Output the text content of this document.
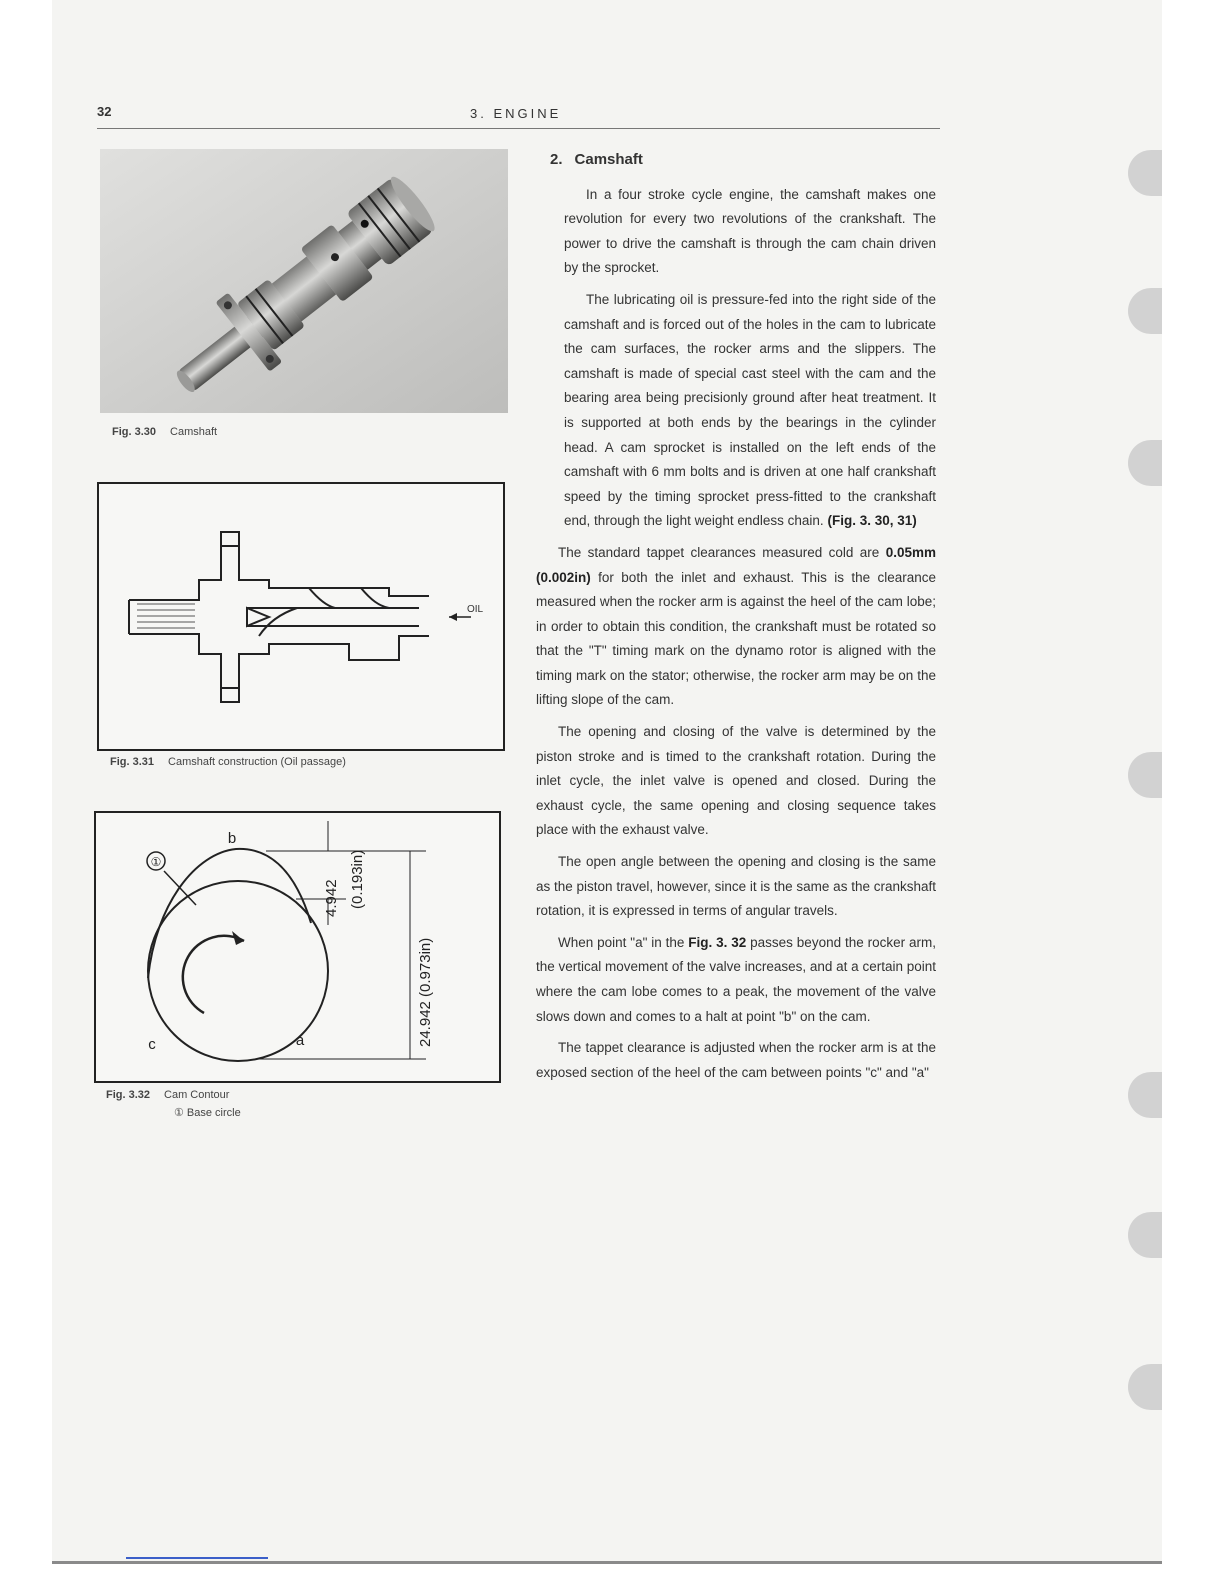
32	3. ENGINE
Fig. 3.30 Camshaft
OIL
Fig. 3.31 Camshaft construction (Oil passage)
①
b
c	a
4.942 (0.193in)
24.942 (0.973in)
Fig. 3.32 Cam Contour
① Base circle
2. Camshaft

In a four stroke cycle engine, the camshaft makes one revolution for every two revolutions of the crankshaft. The power to drive the camshaft is through the cam chain driven by the sprocket.

The lubricating oil is pressure-fed into the right side of the camshaft and is forced out of the holes in the cam to lubricate the cam surfaces, the rocker arms and the slippers. The camshaft is made of special cast steel with the cam and the bearing area being precisionly ground after heat treatment. It is supported at both ends by the bearings in the cylinder head. A cam sprocket is installed on the left ends of the camshaft with 6 mm bolts and is driven at one half crankshaft speed by the timing sprocket press-fitted to the crankshaft end, through the light weight endless chain. (Fig. 3. 30, 31)

The standard tappet clearances measured cold are 0.05mm (0.002in) for both the inlet and exhaust. This is the clearance measured when the rocker arm is against the heel of the cam lobe; in order to obtain this condition, the crankshaft must be rotated so that the "T" timing mark on the dynamo rotor is aligned with the timing mark on the stator; otherwise, the rocker arm may be on the lifting slope of the cam.

The opening and closing of the valve is determined by the piston stroke and is timed to the crankshaft rotation. During the inlet cycle, the inlet valve is opened and closed. During the exhaust cycle, the same opening and closing sequence takes place with the exhaust valve.

The open angle between the opening and closing is the same as the piston travel, however, since it is the same as the crankshaft rotation, it is expressed in terms of angular travels.

When point "a" in the Fig. 3. 32 passes beyond the rocker arm, the vertical movement of the valve increases, and at a certain point where the cam lobe comes to a peak, the movement of the valve slows down and comes to a halt at point "b" on the cam.

The tappet clearance is adjusted when the rocker arm is at the exposed section of the heel of the cam between points "c" and "a"
